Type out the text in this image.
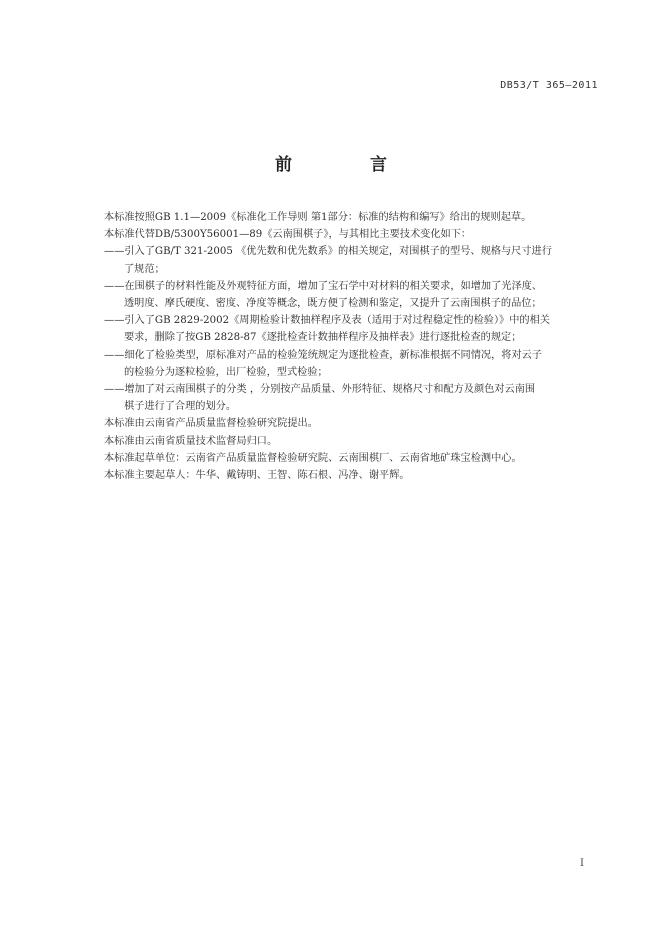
DB53/T 365—2011
前 言

本标准按照GB 1.1—2009《标准化工作导则 第1部分：标准的结构和编写》给出的规则起草。

本标准代替DB/5300Y56001—89《云南围棋子》，与其相比主要技术变化如下：

——引入了GB/T 321-2005 《优先数和优先数系》的相关规定，对围棋子的型号、规格与尺寸进行
了规范；
——在围棋子的材料性能及外观特征方面，增加了宝石学中对材料的相关要求，如增加了光泽度、
透明度、摩氏硬度、密度、净度等概念，既方便了检测和鉴定，又提升了云南围棋子的品位；
——引入了GB 2829-2002《周期检验计数抽样程序及表（适用于对过程稳定性的检验）》中的相关
要求，删除了按GB 2828-87《逐批检查计数抽样程序及抽样表》进行逐批检查的规定；
——细化了检验类型，原标准对产品的检验笼统规定为逐批检查，新标准根据不同情况，将对云子
的检验分为逐粒检验，出厂检验，型式检验；
——增加了对云南围棋子的分类 ，分别按产品质量、外形特征、规格尺寸和配方及颜色对云南围
棋子进行了合理的划分。

本标准由云南省产品质量监督检验研究院提出。

本标准由云南省质量技术监督局归口。

本标准起草单位：云南省产品质量监督检验研究院、云南围棋厂、云南省地矿珠宝检测中心。

本标准主要起草人：牛华、戴铸明、王智、陈石根、冯净、谢平辉。

I
